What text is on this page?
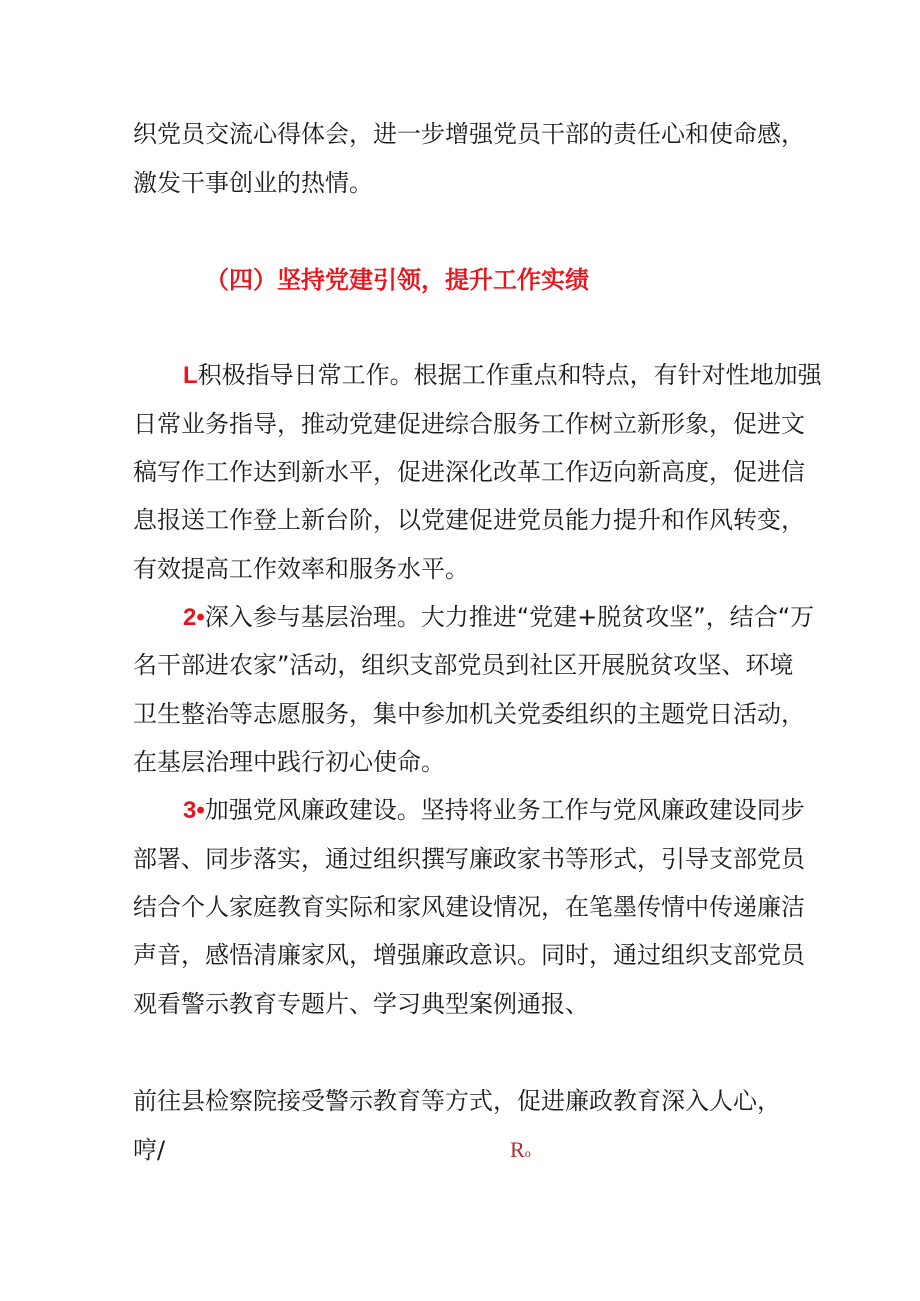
织党员交流心得体会，进一步增强党员干部的责任心和使命感，
激发干事创业的热情。
（四）坚持党建引领，提升工作实绩
L积极指导日常工作。根据工作重点和特点，有针对性地加强
日常业务指导，推动党建促进综合服务工作树立新形象，促进文
稿写作工作达到新水平，促进深化改革工作迈向新高度，促进信
息报送工作登上新台阶，以党建促进党员能力提升和作风转变，
有效提高工作效率和服务水平。
2•深入参与基层治理。大力推进“党建+脱贫攻坚”，结合“万
名干部进农家”活动，组织支部党员到社区开展脱贫攻坚、环境
卫生整治等志愿服务，集中参加机关党委组织的主题党日活动，
在基层治理中践行初心使命。
3•加强党风廉政建设。坚持将业务工作与党风廉政建设同步
部署、同步落实，通过组织撰写廉政家书等形式，引导支部党员
结合个人家庭教育实际和家风建设情况，在笔墨传情中传递廉洁
声音，感悟清廉家风，增强廉政意识。同时，通过组织支部党员
观看警示教育专题片、学习典型案例通报、
前往县检察院接受警示教育等方式，促进廉政教育深入人心，
哼/	Ro
